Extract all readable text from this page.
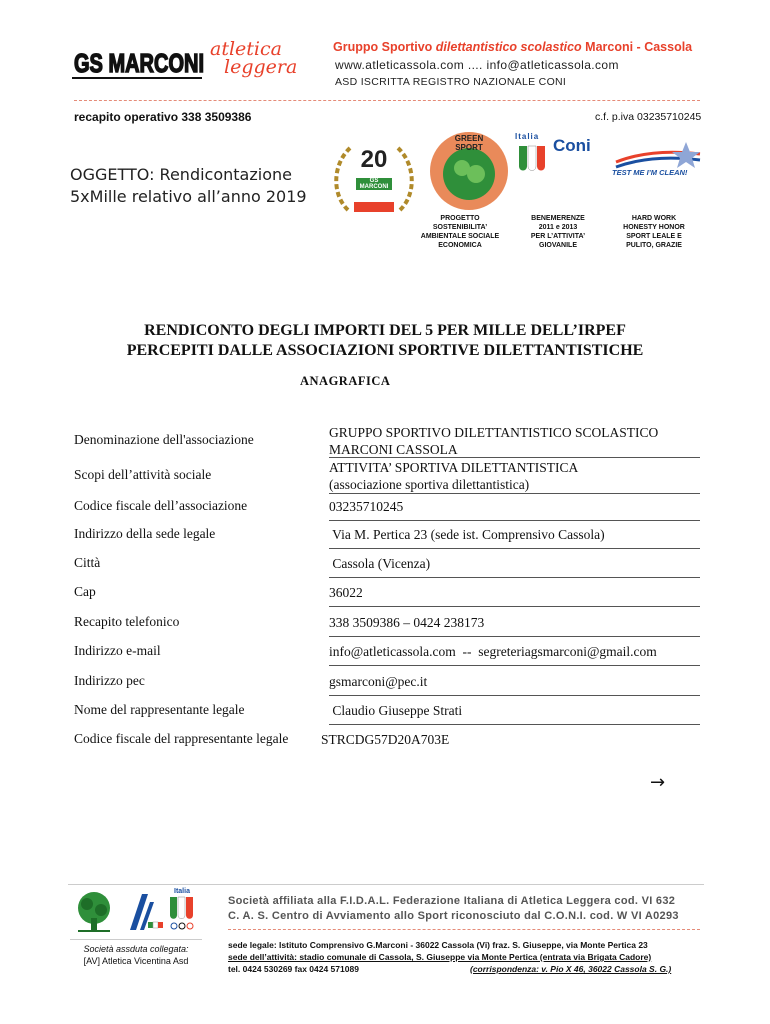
GS MARCONI atletica
leggera
Gruppo Sportivo dilettantistico scolastico Marconi - Cassola
www.atleticassola.com .... info@atleticassola.com
ASD ISCRITTA REGISTRO NAZIONALE CONI
recapito operativo 338 3509386	c.f. p.iva 03235710245
OGGETTO: Rendicontazione
5xMille relativo all’anno 2019
20
GS MARCONI
GREEN SPORT
Italia Coni
TEST ME I’M CLEAN!
PROGETTO
SOSTENIBILITA’
AMBIENTALE SOCIALE
ECONOMICA
BENEMERENZE
2011 e 2013
PER L’ATTIVITA’
GIOVANILE
HARD WORK
HONESTY HONOR
SPORT LEALE E
PULITO, GRAZIE
RENDICONTO DEGLI IMPORTI DEL 5 PER MILLE DELL’IRPEF
PERCEPITI DALLE ASSOCIAZIONI SPORTIVE DILETTANTISTICHE
ANAGRAFICA
Denominazione dell'associazione	GRUPPO SPORTIVO DILETTANTISTICO SCOLASTICO
MARCONI CASSOLA
Scopi dell’attività sociale	ATTIVITA’ SPORTIVA DILETTANTISTICA
(associazione sportiva dilettantistica)
Codice fiscale dell’associazione	03235710245
Indirizzo della sede legale	Via M. Pertica 23 (sede ist. Comprensivo Cassola)
Città	Cassola (Vicenza)
Cap	36022
Recapito telefonico	338 3509386 – 0424 238173
Indirizzo e-mail	info@atleticassola.com  --  segreteriagsmarconi@gmail.com
Indirizzo pec	gsmarconi@pec.it
Nome del rappresentante legale	Claudio Giuseppe Strati
Codice fiscale del rappresentante legale STRCDG57D20A703E
→
Italia
Società affiliata alla F.I.D.A.L. Federazione Italiana di Atletica Leggera cod. VI 632
C. A. S. Centro di Avviamento allo Sport riconosciuto dal C.O.N.I. cod. W VI A0293
sede legale: Istituto Comprensivo G.Marconi - 36022 Cassola (Vi) fraz. S. Giuseppe, via Monte Pertica 23
sede dell’attività: stadio comunale di Cassola, S. Giuseppe via Monte Pertica (entrata via Brigata Cadore)
tel. 0424 530269 fax 0424 571089	(corrispondenza: v. Pio X 46, 36022 Cassola S. G.)
Società assduta collegata:
[AV] Atletica Vicentina Asd
